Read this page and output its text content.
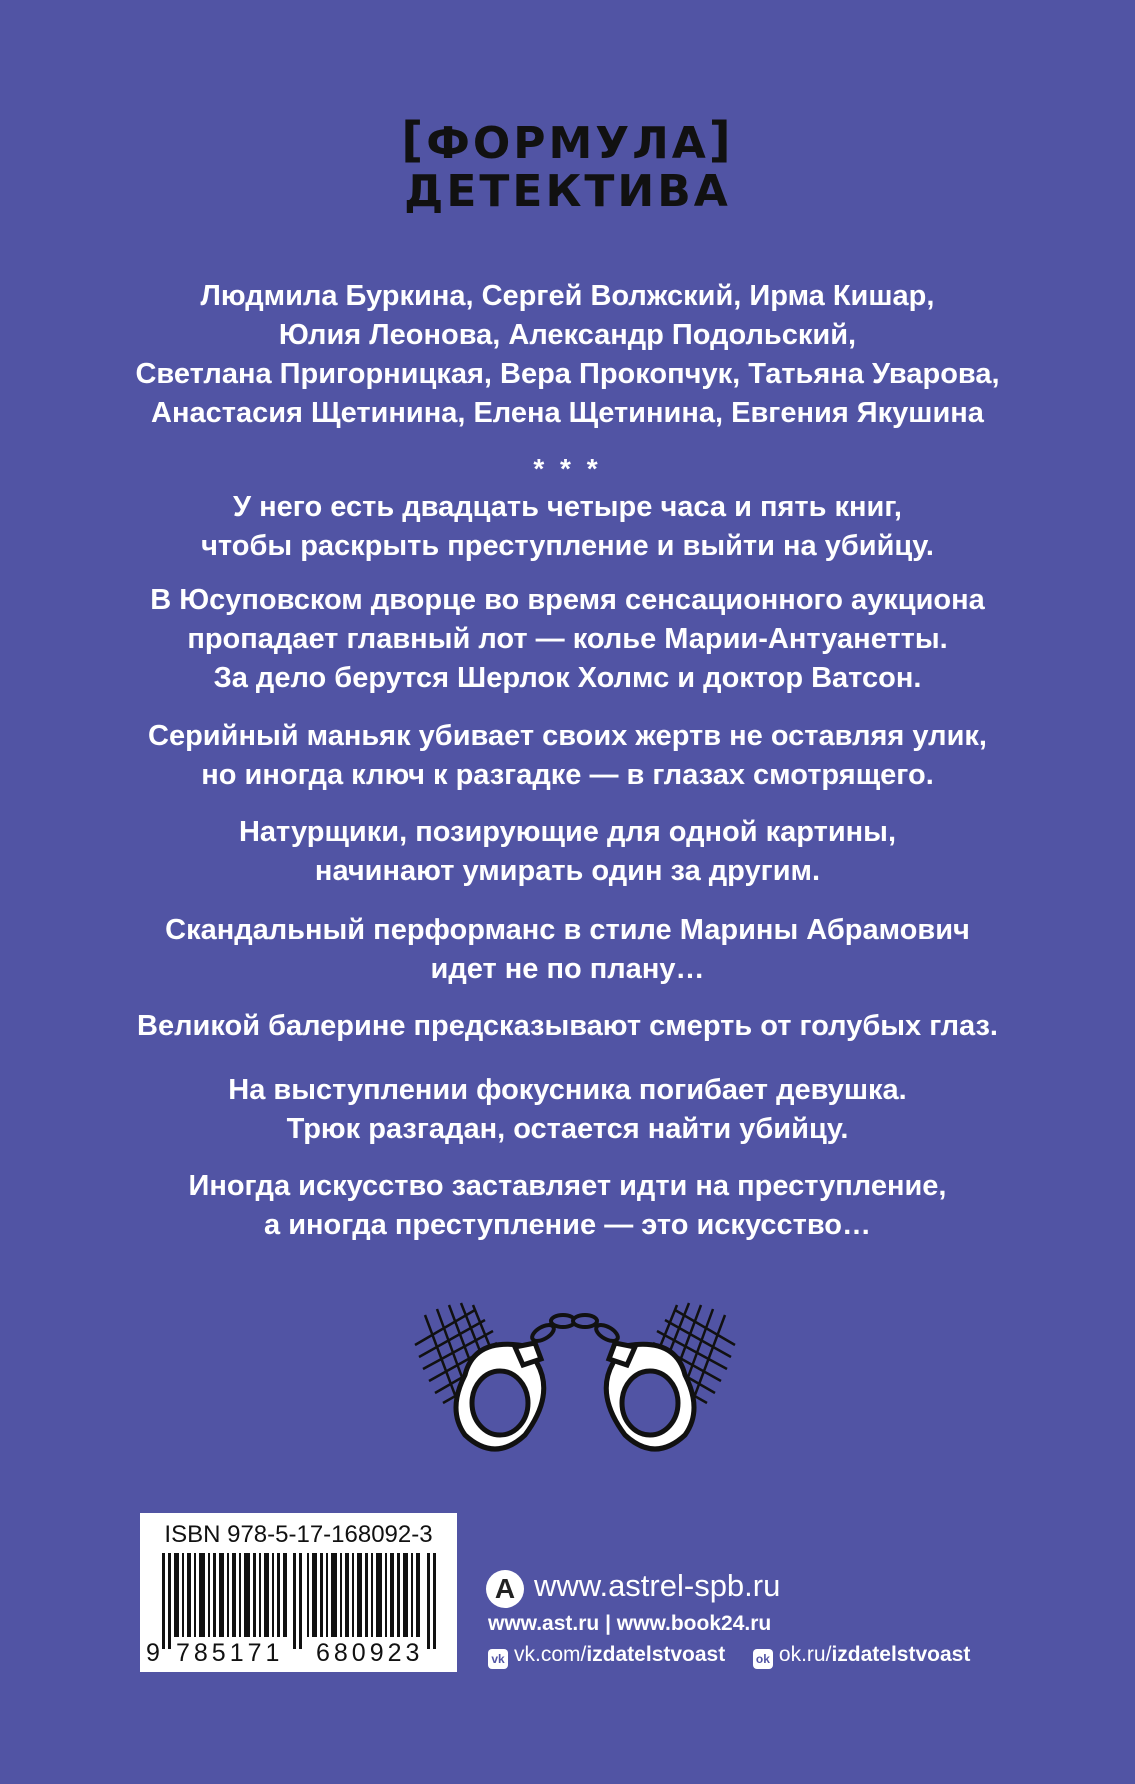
[ФОРМУЛА]
ДЕТЕКТИВА
Людмила Буркина, Сергей Волжский, Ирма Кишар,
Юлия Леонова, Александр Подольский,
Светлана Пригорницкая, Вера Прокопчук, Татьяна Уварова,
Анастасия Щетинина, Елена Щетинина, Евгения Якушина
* * *
У него есть двадцать четыре часа и пять книг,
чтобы раскрыть преступление и выйти на убийцу.
В Юсуповском дворце во время сенсационного аукциона
пропадает главный лот — колье Марии-Антуанетты.
За дело берутся Шерлок Холмс и доктор Ватсон.
Серийный маньяк убивает своих жертв не оставляя улик,
но иногда ключ к разгадке — в глазах смотрящего.
Натурщики, позирующие для одной картины,
начинают умирать один за другим.
Скандальный перформанс в стиле Марины Абрамович
идет не по плану…
Великой балерине предсказывают смерть от голубых глаз.
На выступлении фокусника погибает девушка.
Трюк разгадан, остается найти убийцу.
Иногда искусство заставляет идти на преступление,
а иногда преступление — это искусство…
ISBN 978-5-17-168092-3
9 785171 680923
А www.astrel-spb.ru
www.ast.ru | www.book24.ru
vk vk.com/izdatelstvoast	ok ok.ru/izdatelstvoast
